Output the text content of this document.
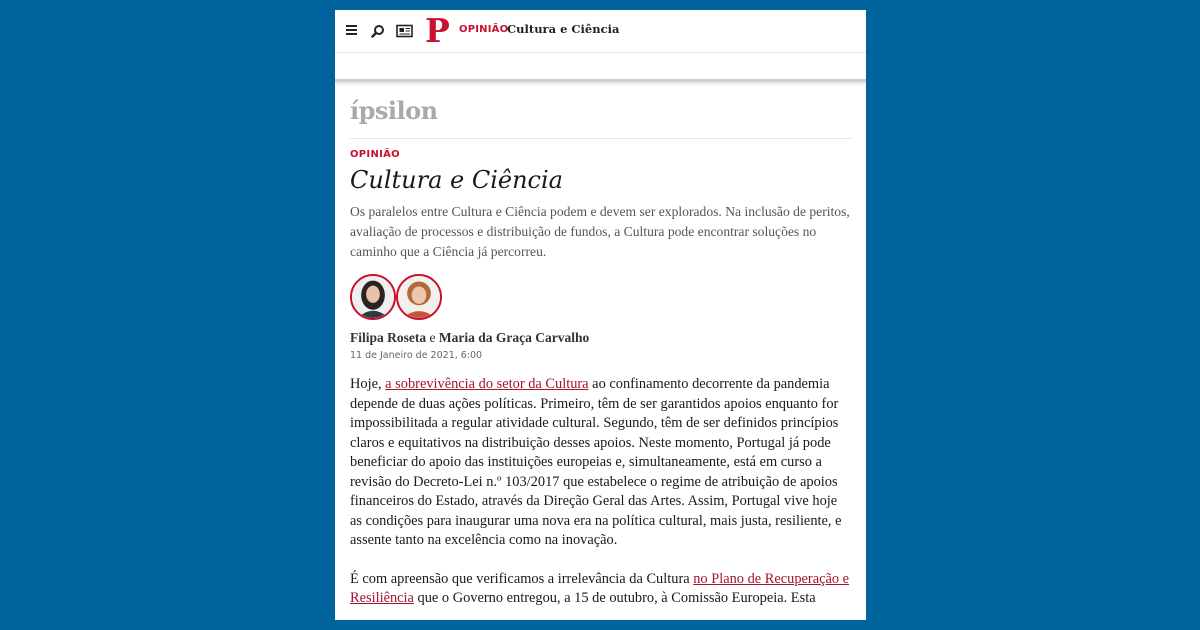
P OPINIÃO
Cultura e Ciência
ípsilon
OPINIÃO
Cultura e Ciência
Os paralelos entre Cultura e Ciência podem e devem ser explorados. Na inclusão de peritos, avaliação de processos e distribuição de fundos, a Cultura pode encontrar soluções no caminho que a Ciência já percorreu.
Filipa Roseta e Maria da Graça Carvalho
11 de Janeiro de 2021, 6:00

Hoje, a sobrevivência do setor da Cultura ao confinamento decorrente da pandemia depende de duas ações políticas. Primeiro, têm de ser garantidos apoios enquanto for impossibilitada a regular atividade cultural. Segundo, têm de ser definidos princípios claros e equitativos na distribuição desses apoios. Neste momento, Portugal já pode beneficiar do apoio das instituições europeias e, simultaneamente, está em curso a revisão do Decreto-Lei n.º 103/2017 que estabelece o regime de atribuição de apoios financeiros do Estado, através da Direção Geral das Artes. Assim, Portugal vive hoje as condições para inaugurar uma nova era na política cultural, mais justa, resiliente, e assente tanto na excelência como na inovação.

É com apreensão que verificamos a irrelevância da Cultura no Plano de Recuperação e Resiliência que o Governo entregou, a 15 de outubro, à Comissão Europeia. Esta
